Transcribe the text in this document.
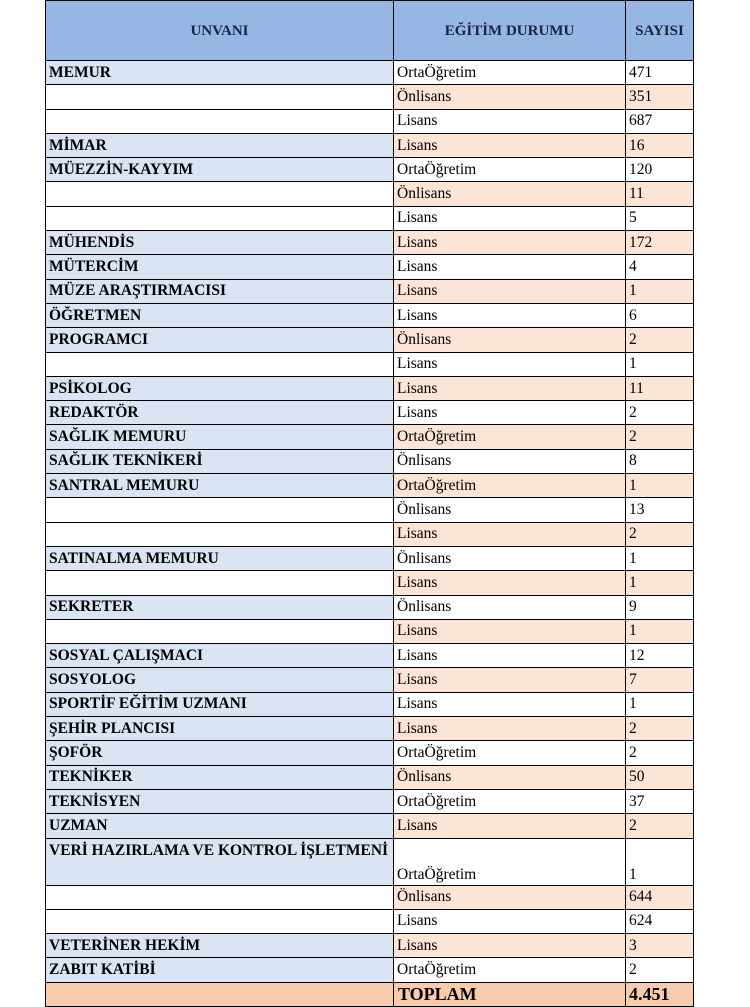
UNVANI	EĞİTİM DURUMU	SAYISI
MEMUR	OrtaÖğretim	471
	Önlisans	351
	Lisans	687
MİMAR	Lisans	16
MÜEZZİN-KAYYIM	OrtaÖğretim	120
	Önlisans	11
	Lisans	5
MÜHENDİS	Lisans	172
MÜTERCİM	Lisans	4
MÜZE ARAŞTIRMACISI	Lisans	1
ÖĞRETMEN	Lisans	6
PROGRAMCI	Önlisans	2
	Lisans	1
PSİKOLOG	Lisans	11
REDAKTÖR	Lisans	2
SAĞLIK MEMURU	OrtaÖğretim	2
SAĞLIK TEKNİKERİ	Önlisans	8
SANTRAL MEMURU	OrtaÖğretim	1
	Önlisans	13
	Lisans	2
SATINALMA MEMURU	Önlisans	1
	Lisans	1
SEKRETER	Önlisans	9
	Lisans	1
SOSYAL ÇALIŞMACI	Lisans	12
SOSYOLOG	Lisans	7
SPORTİF EĞİTİM UZMANI	Lisans	1
ŞEHİR PLANCISI	Lisans	2
ŞOFÖR	OrtaÖğretim	2
TEKNİKER	Önlisans	50
TEKNİSYEN	OrtaÖğretim	37
UZMAN	Lisans	2
VERİ HAZIRLAMA VE KONTROL İŞLETMENİ	OrtaÖğretim	1
	Önlisans	644
	Lisans	624
VETERİNER HEKİM	Lisans	3
ZABIT KATİBİ	OrtaÖğretim	2
	TOPLAM	4.451
